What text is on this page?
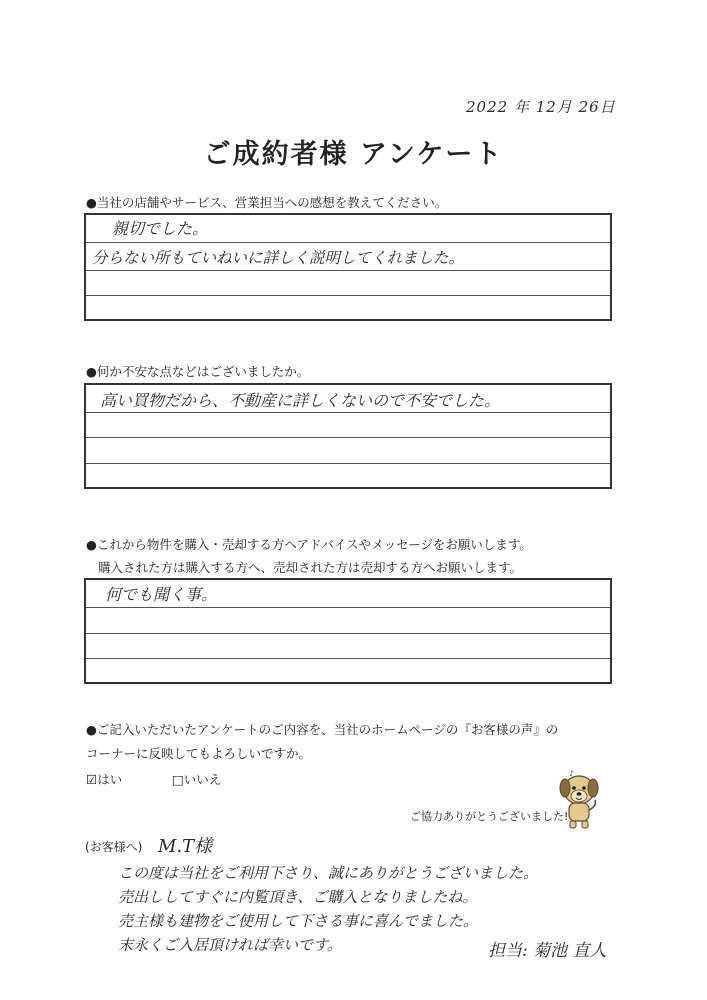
2022 年 12月 26日
ご成約者様 アンケート
●当社の店舗やサービス、営業担当への感想を教えてください。
親切でした。
分らない所もていねいに詳しく説明してくれました。
●何か不安な点などはございましたか。
高い買物だから、不動産に詳しくないので不安でした。
●これから物件を購入・売却する方へアドバイスやメッセージをお願いします。
購入された方は購入する方へ、売却された方は売却する方へお願いします。
何でも聞く事。
●ご記入いただいたアンケートのご内容を、当社のホームページの『お客様の声』の
コーナーに反映してもよろしいですか。
☑はい	□いいえ	♪
ご協力ありがとうございました!
(お客様へ) M.T様
この度は当社をご利用下さり、誠にありがとうございました。
売出ししてすぐに内覧頂き、ご購入となりましたね。
売主様も建物をご使用して下さる事に喜んでました。
末永くご入居頂ければ幸いです。	担当: 菊池 直人
